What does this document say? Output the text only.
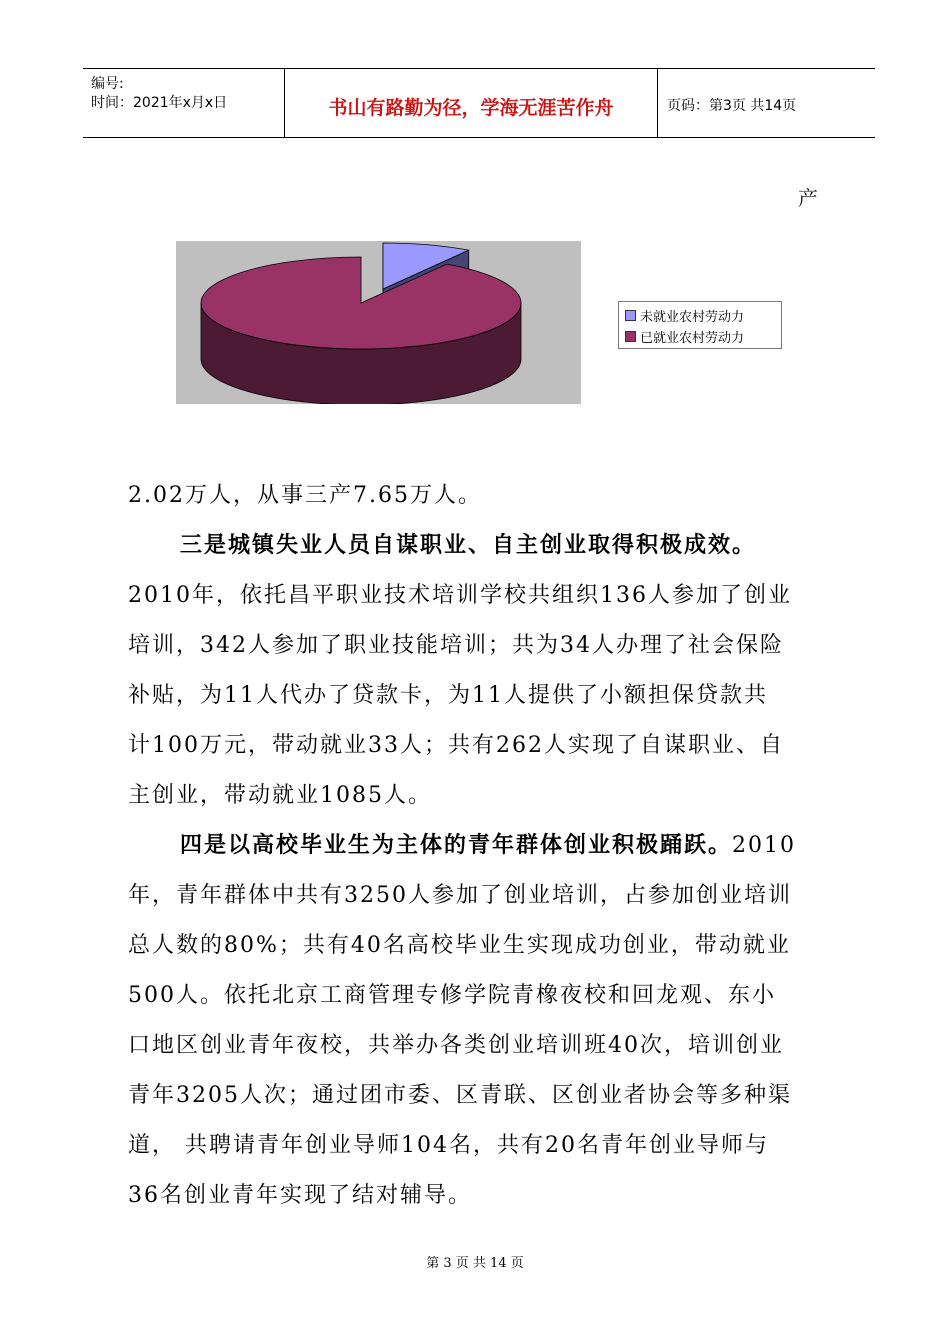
编号:
时间：2021年x月x日	书山有路勤为径，学海无涯苦作舟	页码：第3页 共14页
产
未就业农村劳动力
已就业农村劳动力
2.02万人，从事三产7.65万人。
三是城镇失业人员自谋职业、自主创业取得积极成效。
2010年，依托昌平职业技术培训学校共组织136人参加了创业
培训，342人参加了职业技能培训；共为34人办理了社会保险
补贴，为11人代办了贷款卡，为11人提供了小额担保贷款共
计100万元，带动就业33人；共有262人实现了自谋职业、自
主创业，带动就业1085人。
四是以高校毕业生为主体的青年群体创业积极踊跃。2010
年，青年群体中共有3250人参加了创业培训，占参加创业培训
总人数的80%；共有40名高校毕业生实现成功创业，带动就业
500人。依托北京工商管理专修学院青橡夜校和回龙观、东小
口地区创业青年夜校，共举办各类创业培训班40次，培训创业
青年3205人次；通过团市委、区青联、区创业者协会等多种渠
道， 共聘请青年创业导师104名，共有20名青年创业导师与
36名创业青年实现了结对辅导。
第 3 页 共 14 页
